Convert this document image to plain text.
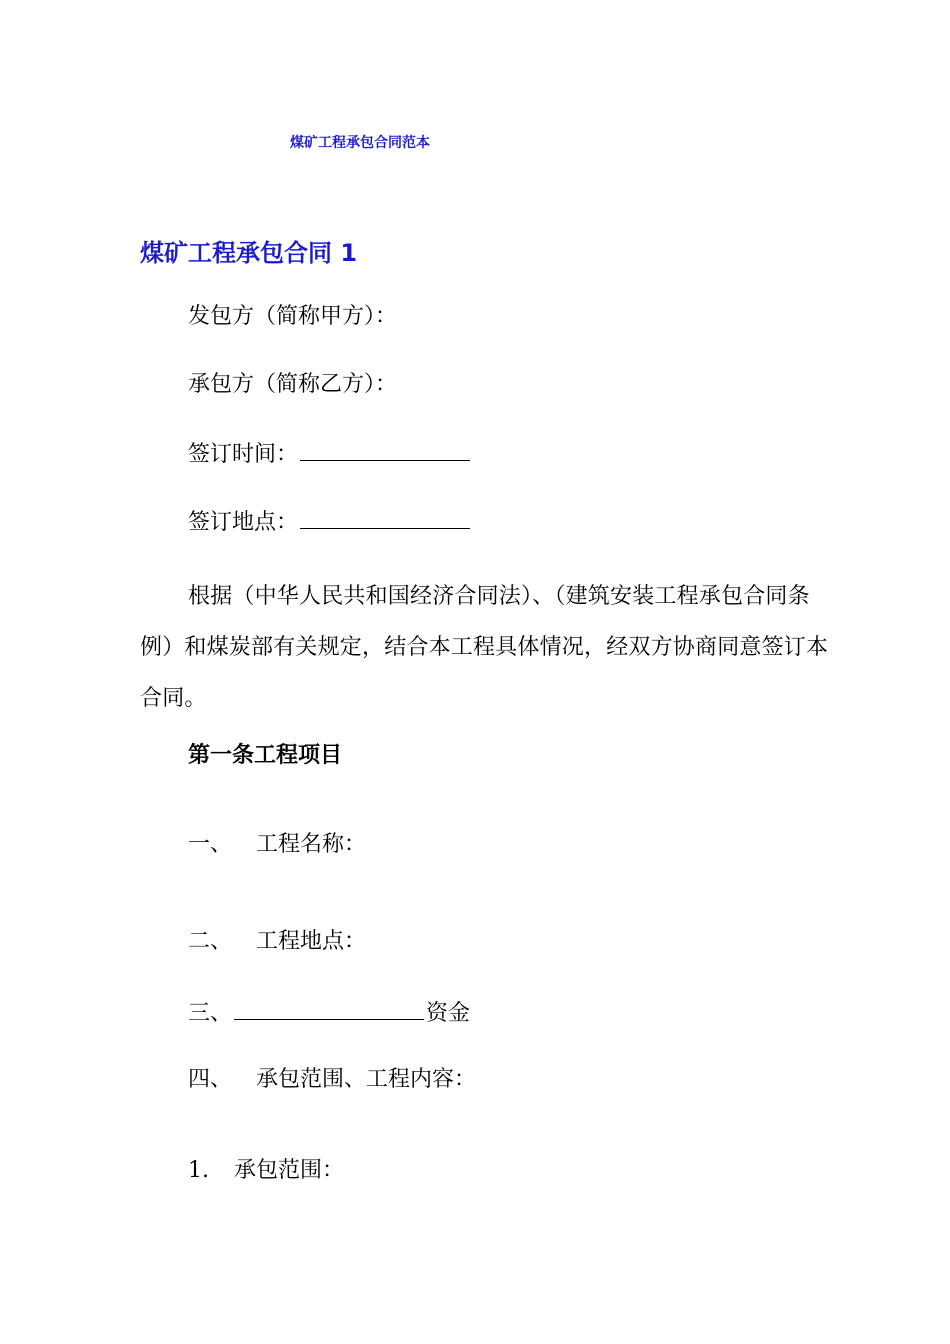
煤矿工程承包合同范本
煤矿工程承包合同 1
发包方（简称甲方）：
承包方（简称乙方）：
签订时间：
签订地点：
根据（中华人民共和国经济合同法）、（建筑安装工程承包合同条例）和煤炭部有关规定，结合本工程具体情况，经双方协商同意签订本合同。
第一条工程项目
一、 工程名称：
二、 工程地点：
三、	资金
四、 承包范围、工程内容：
1. 承包范围：
